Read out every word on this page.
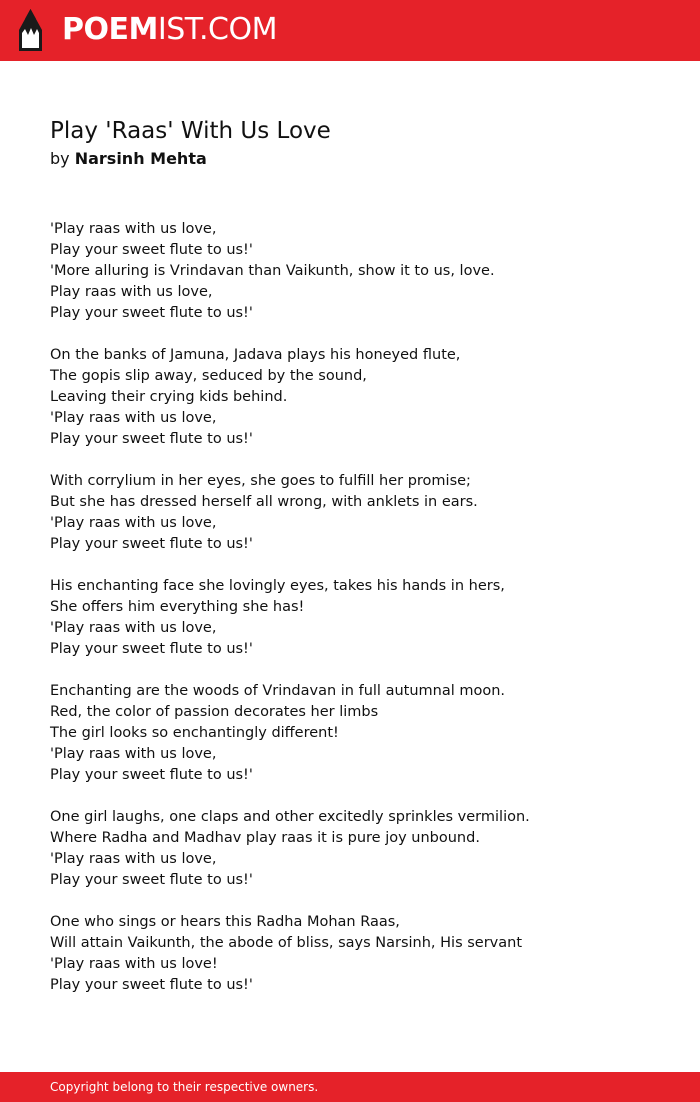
POEMIST.COM
Play 'Raas' With Us Love
by Narsinh Mehta
'Play raas with us love,
Play your sweet flute to us!'
'More alluring is Vrindavan than Vaikunth, show it to us, love.
Play raas with us love,
Play your sweet flute to us!'
On the banks of Jamuna, Jadava plays his honeyed flute,
The gopis slip away, seduced by the sound,
Leaving their crying kids behind.
'Play raas with us love,
Play your sweet flute to us!'
With corrylium in her eyes, she goes to fulfill her promise;
But she has dressed herself all wrong, with anklets in ears.
'Play raas with us love,
Play your sweet flute to us!'
His enchanting face she lovingly eyes, takes his hands in hers,
She offers him everything she has!
'Play raas with us love,
Play your sweet flute to us!'
Enchanting are the woods of Vrindavan in full autumnal moon.
Red, the color of passion decorates her limbs
The girl looks so enchantingly different!
'Play raas with us love,
Play your sweet flute to us!'
One girl laughs, one claps and other excitedly sprinkles vermilion.
Where Radha and Madhav play raas it is pure joy unbound.
'Play raas with us love,
Play your sweet flute to us!'
One who sings or hears this Radha Mohan Raas,
Will attain Vaikunth, the abode of bliss, says Narsinh, His servant
'Play raas with us love!
Play your sweet flute to us!'
Copyright belong to their respective owners.
